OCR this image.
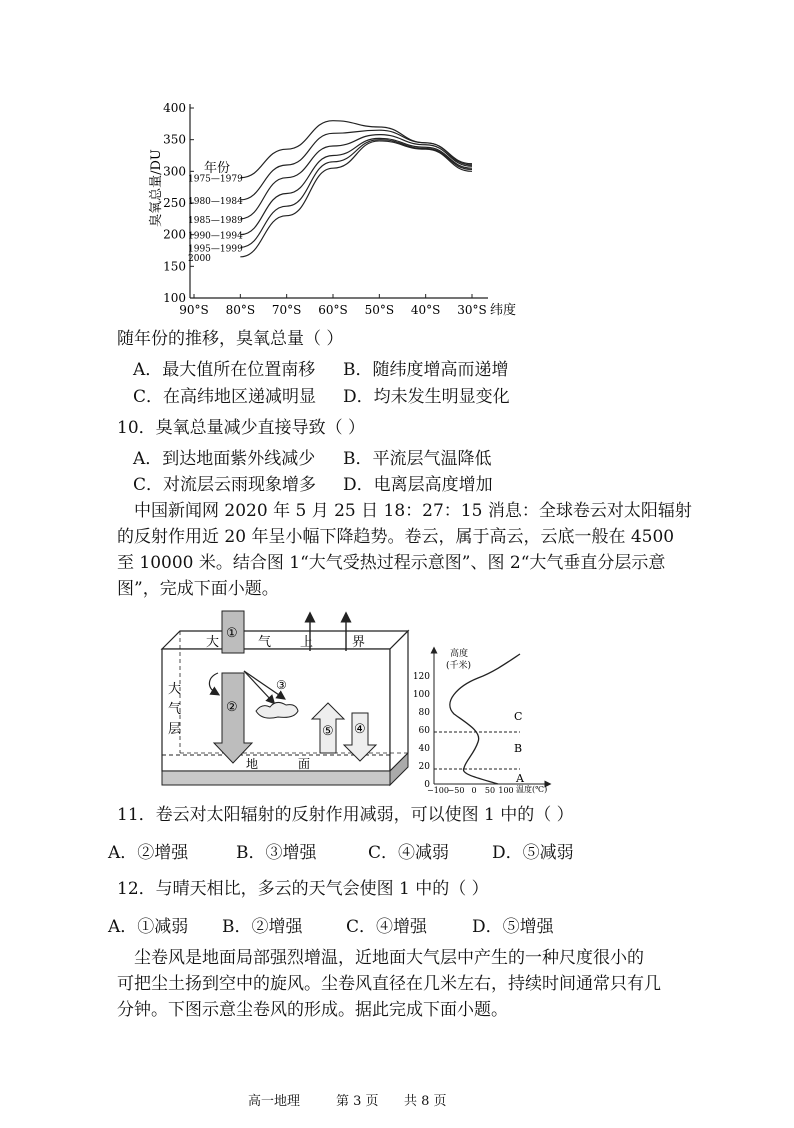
100
150
200
250
300
350
400
90°S 80°S 70°S 60°S 50°S 40°S 30°S
臭氧总量/DU
纬度
年份
1975—1979
1980—1984
1985—1989
1990—1994
1995—1999
2000
随年份的推移，臭氧总量（ ）
A．最大值所在位置南移 B．随纬度增高而递增
C．在高纬地区递减明显 D．均未发生明显变化
10．臭氧总量减少直接导致（ ）
A．到达地面紫外线减少 B．平流层气温降低
C．对流层云雨现象增多 D．电离层高度增加
中国新闻网 2020 年 5 月 25 日 18：27：15 消息：全球卷云对太阳辐射
的反射作用近 20 年呈小幅下降趋势。卷云，属于高云，云底一般在 4500
至 10000 米。结合图 1“大气受热过程示意图”、图 2“大气垂直分层示意
图”，完成下面小题。
大	气 上	界
大
气
层
地	面
①
②
③
⑤ ④
高度
(千米)
0
20
40
60
80
100
120
−100
−50 0 50 100 温度(℃)
A
B
C
11．卷云对太阳辐射的反射作用减弱，可以使图 1 中的（ ）
A．②增强	B．③增强	C．④减弱	D．⑤减弱
12．与晴天相比，多云的天气会使图 1 中的（ ）
A．①减弱 B．②增强	C．④增强	D．⑤增强
尘卷风是地面局部强烈增温，近地面大气层中产生的一种尺度很小的
可把尘土扬到空中的旋风。尘卷风直径在几米左右，持续时间通常只有几
分钟。下图示意尘卷风的形成。据此完成下面小题。
高一地理	第 3 页 共 8 页
